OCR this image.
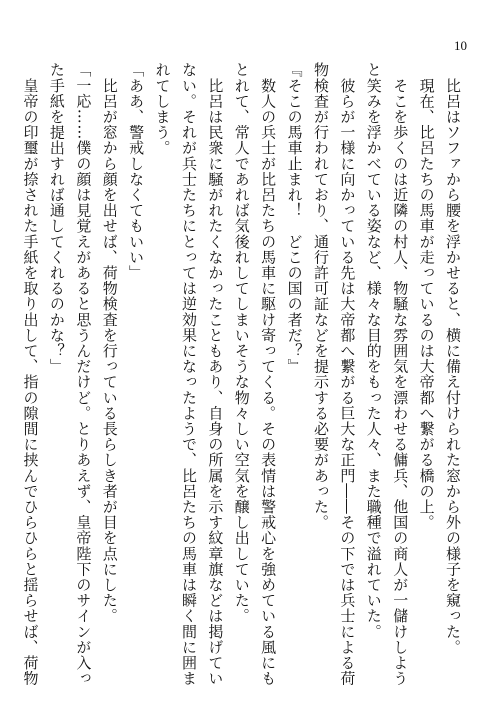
10

　比呂はソファから腰を浮かせると、横に備え付けられた窓から外の様子を窺った。

　現在、比呂たちの馬車が走っているのは大帝都へ繋がる橋の上。

　そこを歩くのは近隣の村人、物騒な雰囲気を漂わせる傭兵、他国の商人が一儲けしよう

と笑みを浮かべている姿など、様々な目的をもった人々、また職種で溢れていた。

　彼らが一様に向かっている先は大帝都へ繋がる巨大な正門――その下では兵士による荷

物検査が行われており、通行許可証などを提示する必要があった。

『そこの馬車止まれ！　どこの国の者だ？』

　数人の兵士が比呂たちの馬車に駆け寄ってくる。その表情は警戒心を強めている風にも

とれて、常人であれば気後れしてしまいそうな物々しい空気を醸し出していた。

　比呂は民衆に騒がれたくなかったこともあり、自身の所属を示す紋章旗などは掲げてい

ない。それが兵士たちにとっては逆効果になったようで、比呂たちの馬車は瞬く間に囲ま

れてしまう。

「ああ、警戒しなくてもいい」

　比呂が窓から顔を出せば、荷物検査を行っている長らしき者が目を点にした。

「一応……僕の顔は見覚えがあると思うんだけど。とりあえず、皇帝陛下のサインが入っ

た手紙を提出すれば通してくれるのかな？」

　皇帝の印璽が捺された手紙を取り出して、指の隙間に挟んでひらひらと揺らせば、荷物
